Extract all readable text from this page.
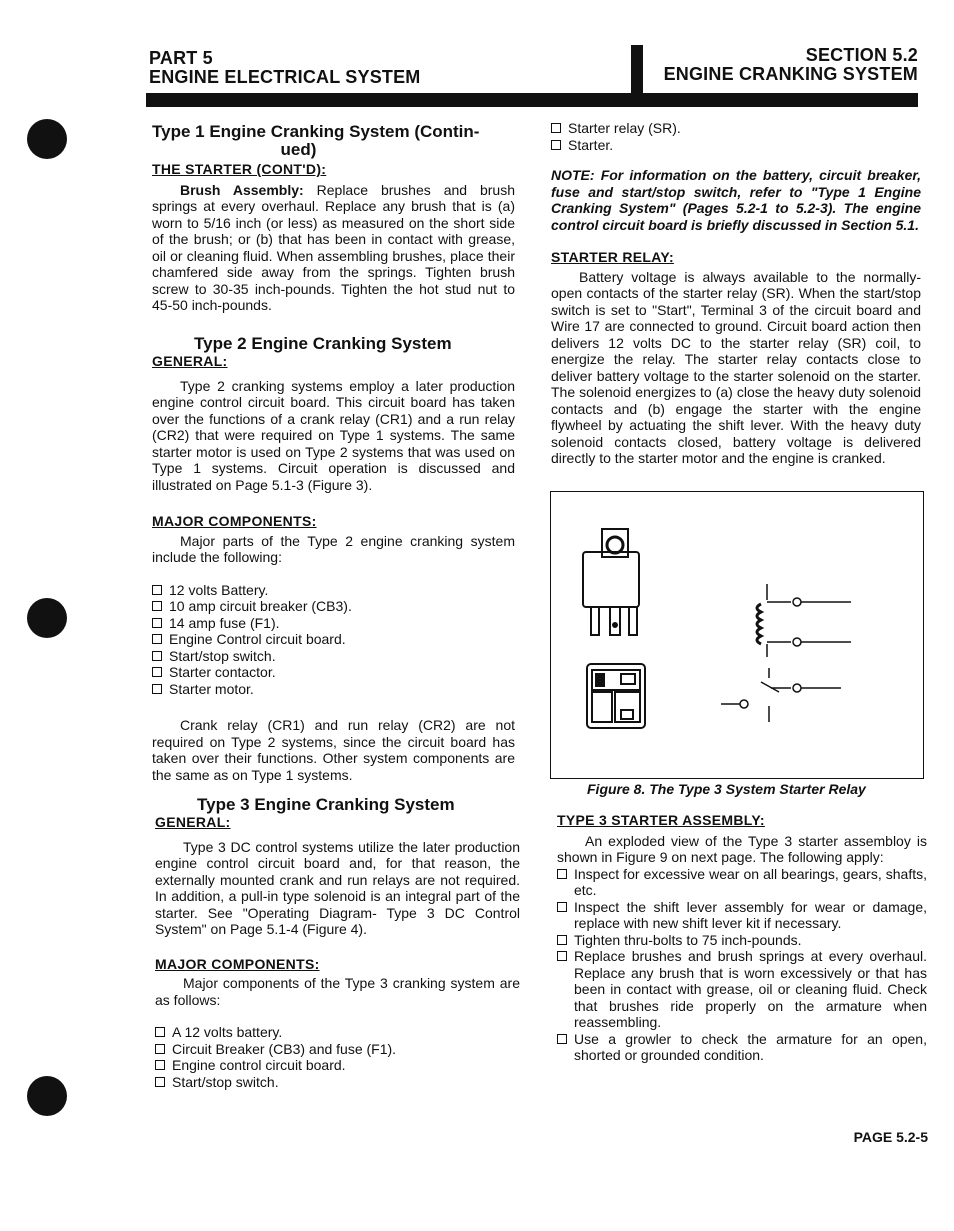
PART 5
ENGINE ELECTRICAL SYSTEM
SECTION 5.2
ENGINE CRANKING SYSTEM
Type 1 Engine Cranking System (Contin-
ued)
THE STARTER (CONT'D):

Brush Assembly: Replace brushes and brush springs at every overhaul. Replace any brush that is (a) worn to 5/16 inch (or less) as measured on the short side of the brush; or (b) that has been in contact with grease, oil or cleaning fluid. When assembling brushes, place their chamfered side away from the springs. Tighten brush screw to 30-35 inch-pounds. Tighten the hot stud nut to 45-50 inch-pounds.

Type 2 Engine Cranking System
GENERAL:

Type 2 cranking systems employ a later production engine control circuit board. This circuit board has taken over the functions of a crank relay (CR1) and a run relay (CR2) that were required on Type 1 systems. The same starter motor is used on Type 2 systems that was used on Type 1 systems. Circuit operation is discussed and illustrated on Page 5.1-3 (Figure 3).

MAJOR COMPONENTS:

Major parts of the Type 2 engine cranking system include the following:

12 volts Battery.
10 amp circuit breaker (CB3).
14 amp fuse (F1).
Engine Control circuit board.
Start/stop switch.
Starter contactor.
Starter motor.

Crank relay (CR1) and run relay (CR2) are not required on Type 2 systems, since the circuit board has taken over their functions. Other system components are the same as on Type 1 systems.

Type 3 Engine Cranking System
GENERAL:

Type 3 DC control systems utilize the later production engine control circuit board and, for that reason, the externally mounted crank and run relays are not required. In addition, a pull-in type solenoid is an integral part of the starter. See "Operating Diagram- Type 3 DC Control System" on Page 5.1-4 (Figure 4).

MAJOR COMPONENTS:

Major components of the Type 3 cranking system are as follows:

A 12 volts battery.
Circuit Breaker (CB3) and fuse (F1).
Engine control circuit board.
Start/stop switch.
Starter relay (SR).
Starter.

NOTE: For information on the battery, circuit breaker, fuse and start/stop switch, refer to "Type 1 Engine Cranking System" (Pages 5.2-1 to 5.2-3). The engine control circuit board is briefly discussed in Section 5.1.

STARTER RELAY:

Battery voltage is always available to the normally-open contacts of the starter relay (SR). When the start/stop switch is set to "Start", Terminal 3 of the circuit board and Wire 17 are connected to ground. Circuit board action then delivers 12 volts DC to the starter relay (SR) coil, to energize the relay. The starter relay contacts close to deliver battery voltage to the starter solenoid on the starter. The solenoid energizes to (a) close the heavy duty solenoid contacts and (b) engage the starter with the engine flywheel by actuating the shift lever. With the heavy duty solenoid contacts closed, battery voltage is delivered directly to the starter motor and the engine is cranked.

Figure 8. The Type 3 System Starter Relay
TYPE 3 STARTER ASSEMBLY:

An exploded view of the Type 3 starter assembloy is shown in Figure 9 on next page. The following apply:

Inspect for excessive wear on all bearings, gears, shafts, etc.
Inspect the shift lever assembly for wear or damage, replace with new shift lever kit if necessary.
Tighten thru-bolts to 75 inch-pounds.
Replace brushes and brush springs at every overhaul. Replace any brush that is worn excessively or that has been in contact with grease, oil or cleaning fluid. Check that brushes ride properly on the armature when reassembling.
Use a growler to check the armature for an open, shorted or grounded condition.
PAGE 5.2-5
